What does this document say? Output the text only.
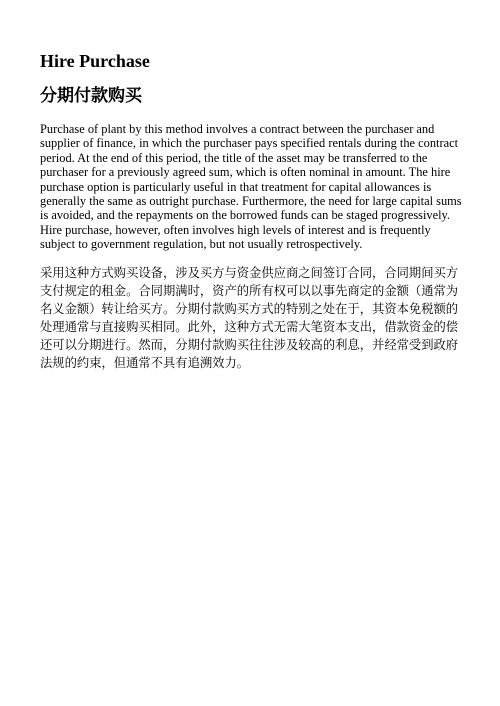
Hire Purchase
分期付款购买

Purchase of plant by this method involves a contract between the purchaser and supplier of finance, in which the purchaser pays specified rentals during the contract period. At the end of this period, the title of the asset may be transferred to the purchaser for a previously agreed sum, which is often nominal in amount. The hire purchase option is particularly useful in that treatment for capital allowances is generally the same as outright purchase. Furthermore, the need for large capital sums is avoided, and the repayments on the borrowed funds can be staged progressively. Hire purchase, however, often involves high levels of interest and is frequently subject to government regulation, but not usually retrospectively.

采用这种方式购买设备，涉及买方与资金供应商之间签订合同，合同期间买方支付规定的租金。合同期满时，资产的所有权可以以事先商定的金额（通常为名义金额）转让给买方。分期付款购买方式的特别之处在于，其资本免税额的处理通常与直接购买相同。此外，这种方式无需大笔资本支出，借款资金的偿还可以分期进行。然而，分期付款购买往往涉及较高的利息，并经常受到政府法规的约束，但通常不具有追溯效力。
